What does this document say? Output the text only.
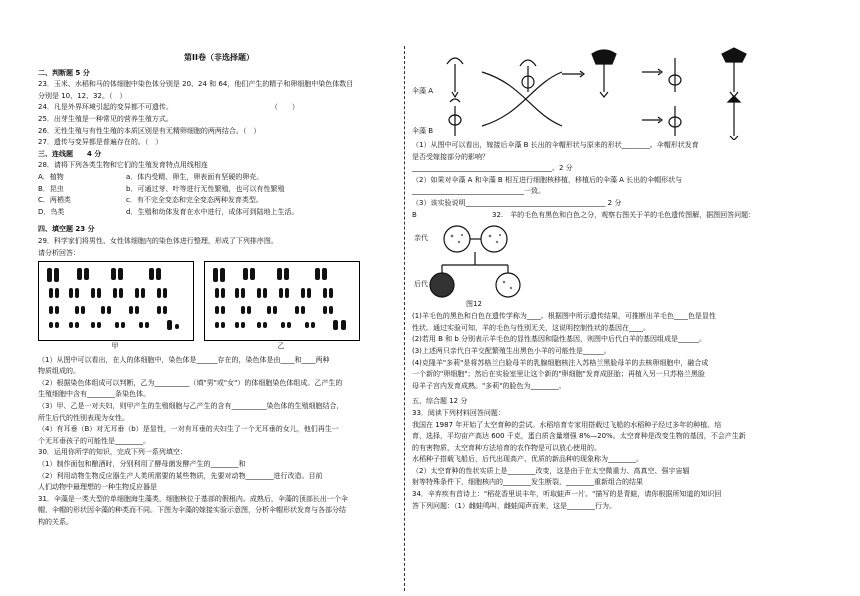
第II卷（非选择题）

二、判断题 5 分

23．玉米、水稻和马的体细胞中染色体分别是 20、24 和 64，他们产生的精子和卵细胞中染色体数目

分别是 10、12、32。（　）

24．凡是外界环境引起的变异都不可遗传。　　　　　　　　　　　　　　　（　　）

25．出芽生殖是一种常见的营养生殖方式。

26．无性生殖与有性生殖的本质区别是有无精卵细胞的两两结合。（　）

27．遗传与变异都是普遍存在的。（　）

三、连线题　　4 分

28．请将下列各类生物和它们的生殖发育特点用线相连

A．植物	a．体内受精、卵生，卵表面有坚硬的卵壳。
B．昆虫	b．可通过芽、叶等进行无性繁殖，也可以有性繁殖
C．两栖类	c．有不完全变态和完全变态两种发育类型。
D．鸟类	d．生殖和幼体发育在水中进行，成体可到陆地上生活。

四、填空题 23 分

29．科学家们将男性、女性体细胞内的染色体进行整理，形成了下列排序图。

请分析回答：

甲	乙

（1）从图中可以看出，在人的体细胞中，染色体是______存在的，染色体是由____和____两种

物质组成的。

（2）根据染色体组成可以判断，乙为__________（填"男"或"女"）的体细胞染色体组成。乙产生的

生殖细胞中含有________条染色体。

（3）甲、乙是一对夫妇，则甲产生的生殖细胞与乙产生的含有__________染色体的生殖细胞结合，

所生后代的性别表现为女性。

（4）有耳垂（B）对无耳垂（b）是显性，一对有耳垂的夫妇生了一个无耳垂的女儿，他们再生一

个无耳垂孩子的可能性是________。

30．运用你所学的知识，完成下列一系列填空：

（1）制作面包和酿酒时，分别利用了酵母菌发酵产生的________和

（2）利用动物生物反应器生产人类所需要的某些物质，先要对动物________进行改造。目前

人们动物中最理想的一种生物反应器是

31．伞藻是一类大型的单细胞海生藻类，细胞核位于基部的假根内。成熟后，伞藻的顶部长出一个伞

帽，伞帽的形状因伞藻的种类而不同。下图为伞藻的嫁接实验示意图，分析伞帽形状发育与各部分结

构的关系。

伞藻 A
伞藻 B

（1）从图中可以看出，嫁接后伞藻 B 长出的伞帽形状与原来的形状________。伞帽形状发育

是否受嫁接部分的影响？

________________________________________。2 分

（2）如果对伞藻 A 和伞藻 B 相互进行细胞核移植，移植后的伞藻 A 长出的伞帽形状与

________________________________一致。

（3）该实验说明________________________________________ 2 分

B	32.　羊的毛色有黑色和白色之分，观察右图关于羊的毛色遗传图解，据图回答问题：
亲代
后代
图12

(1)羊毛色的黑色和白色在遗传学称为____。根据图中所示遗传结果，可推断出羊毛色____色是显性

性状。通过实验可知，羊的毛色与性别无关，这说明控制性状的基因在____。

(2)若用 B 和 b 分别表示羊毛色的显性基因和隐性基因，则图中后代白羊的基因组成是______。

(3)上述两只亲代白羊交配繁殖生出黑色小羊的可能性是______。

(4)克隆羊"多莉"是将苏格兰白脸母羊的乳腺细胞核注入苏格兰黑脸母羊的去核卵细胞中，融合成

一个新的"卵细胞"；然后在实验室里让这个新的"卵细胞"发育成胚胎；再植入另一只苏格兰黑脸

母羊子宫内发育成熟。"多莉"的脸色为________。

五、综合题 12 分

33．阅读下列材料回答问题：

我国在 1987 年开始了太空育种的尝试。水稻培育专家用搭载过飞船的水稻种子经过多年的种植、培

育，选择，平均亩产高达 600 千克，蛋白质含量增强 8%—20%。太空育种是改变生物的基因，不会产生新

的有害物质，太空育种方法培育的农作物是可以放心使用的。

水稻种子搭载飞船后，后代出现高产、优质的新品种的现象称为________。

（2）太空育种的性状实质上是________改变，这是由于在太空微重力、高真空、强宇宙辐

射等特殊条件下，细胞核内的________发生断裂，________重新组合的结果

34．辛弃疾有首诗上："稻花香里说丰年，听取蛙声一片。"描写的是青蛙，请你根据所知道的知识回

答下列问题：（1）雌蛙鸣叫，雌蛙闻声而来，这是________行为。
